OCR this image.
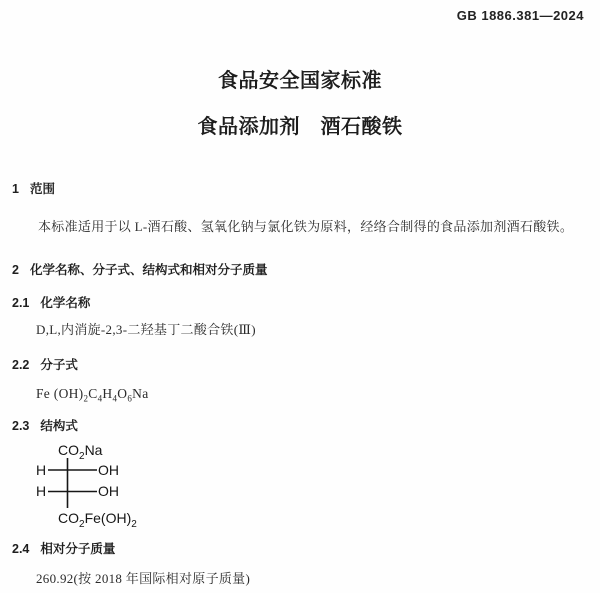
GB 1886.381—2024
食品安全国家标准
食品添加剂　酒石酸铁
1 范围

本标准适用于以 L-酒石酸、氢氧化钠与氯化铁为原料，经络合制得的食品添加剂酒石酸铁。

2 化学名称、分子式、结构式和相对分子质量
2.1 化学名称

D,L,内消旋-2,3-二羟基丁二酸合铁(Ⅲ)

2.2 分子式

Fe $(OH)_2C_4H_4O_6Na$

2.3 结构式
$CO_2Na$
H	OH
H	OH
$CO_2Fe(OH)_2$
2.4 相对分子质量

260.92(按 2018 年国际相对原子质量)
